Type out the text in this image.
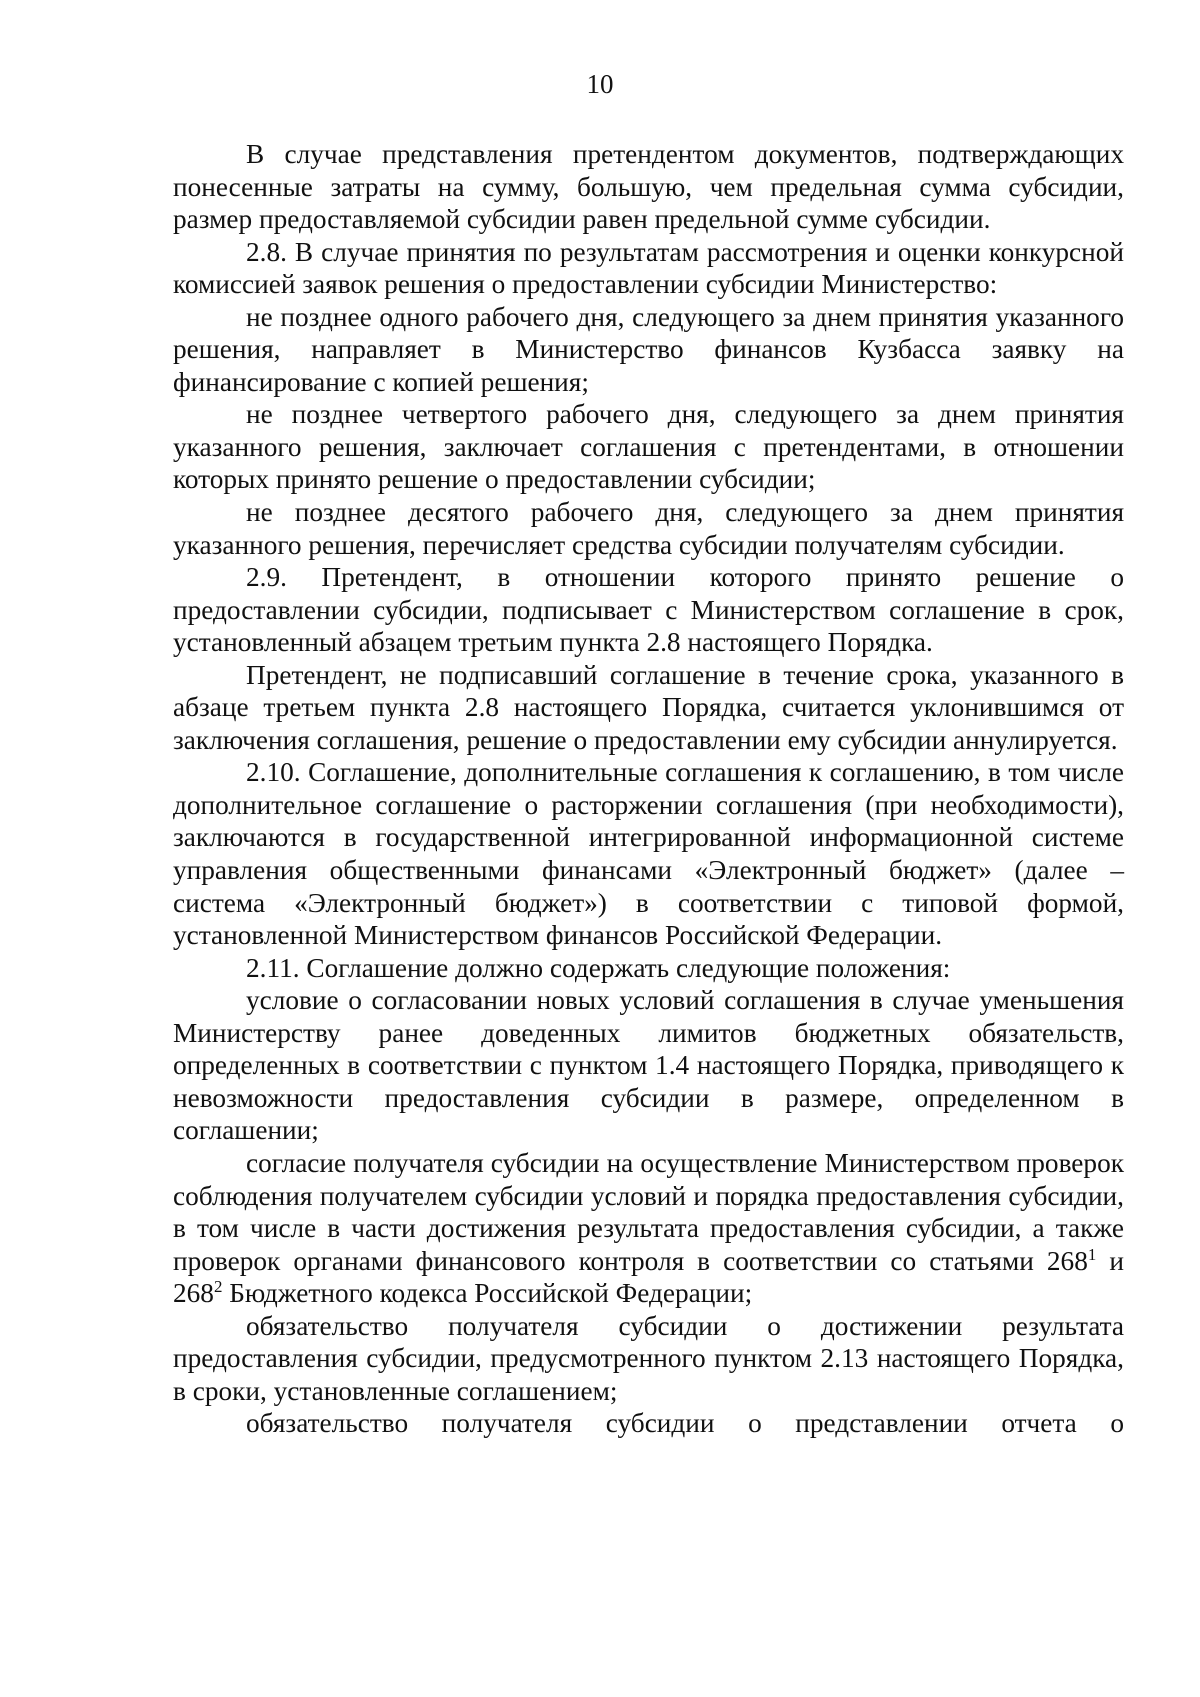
10

В случае представления претендентом документов, подтверждающих понесенные затраты на сумму, большую, чем предельная сумма субсидии, размер предоставляемой субсидии равен предельной сумме субсидии.

2.8. В случае принятия по результатам рассмотрения и оценки конкурсной комиссией заявок решения о предоставлении субсидии Министерство:

не позднее одного рабочего дня, следующего за днем принятия указанного решения, направляет в Министерство финансов Кузбасса заявку на финансирование с копией решения;

не позднее четвертого рабочего дня, следующего за днем принятия указанного решения, заключает соглашения с претендентами, в отношении которых принято решение о предоставлении субсидии;

не позднее десятого рабочего дня, следующего за днем принятия указанного решения, перечисляет средства субсидии получателям субсидии.

2.9. Претендент, в отношении которого принято решение о предоставлении субсидии, подписывает с Министерством соглашение в срок, установленный абзацем третьим пункта 2.8 настоящего Порядка.

Претендент, не подписавший соглашение в течение срока, указанного в абзаце третьем пункта 2.8 настоящего Порядка, считается уклонившимся от заключения соглашения, решение о предоставлении ему субсидии аннулируется.

2.10. Соглашение, дополнительные соглашения к соглашению, в том числе дополнительное соглашение о расторжении соглашения (при необходимости), заключаются в государственной интегрированной информационной системе управления общественными финансами «Электронный бюджет» (далее – система «Электронный бюджет») в соответствии с типовой формой, установленной Министерством финансов Российской Федерации.

2.11. Соглашение должно содержать следующие положения:

условие о согласовании новых условий соглашения в случае уменьшения Министерству ранее доведенных лимитов бюджетных обязательств, определенных в соответствии с пунктом 1.4 настоящего Порядка, приводящего к невозможности предоставления субсидии в размере, определенном в соглашении;

согласие получателя субсидии на осуществление Министерством проверок соблюдения получателем субсидии условий и порядка предоставления субсидии, в том числе в части достижения результата предоставления субсидии, а также проверок органами финансового контроля в соответствии со статьями $268^1$ и $268^2$ Бюджетного кодекса Российской Федерации;

обязательство получателя субсидии о достижении результата предоставления субсидии, предусмотренного пунктом 2.13 настоящего Порядка, в сроки, установленные соглашением;

обязательство получателя субсидии о представлении отчета о
